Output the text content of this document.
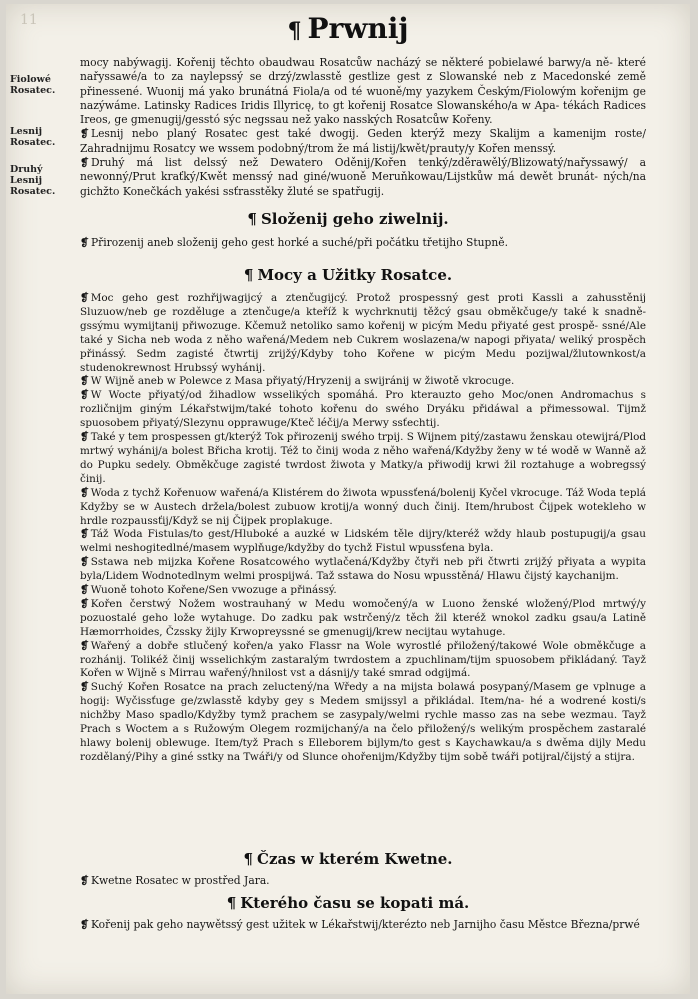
11	¶ Prwnij
Fiolowé Rosatec.
Lesnij Rosatec.
Druhý Lesnij Rosatec.

mocy nabýwagij. Kořenij těchto obaudwau Rosatcůw nacházý se některé pobielawé barwy/a ně- které nařyssawé/a to za naylepssý se drzý/zwlasstě gestlize gest z Slowanské neb z Macedonské země přinessené. Wuonij má yako brunátná Fiola/a od té wuoně/my yazykem Českým/Fiolowým kořenijm ge nazýwáme. Latinsky Radices Iridis Illyricę, to gt kořenij Rosatce Slowanského/a w Apa- tékách Radices Ireos, ge gmenugij/gesstó sýc negssau než yako nasských Rosatcůw Kořeny.

❡ Lesnij nebo planý Rosatec gest také dwogij. Geden kterýž mezy Skalijm a kamenijm roste/ Zahradnijmu Rosatcy we wssem podobný/trom že má listij/kwět/prauty/y Kořen menssý.

❡ Druhý má list delssý než Dewatero Oděnij/Kořen tenký/zděrawělý/Blizowatý/nařyssawý/ a newonný/Prut kraťký/Kwět menssý nad giné/wuoně Meruňkowau/Lijstkůw má dewět brunát- ných/na gichžto Konečkách yakési ssťrasstěky žluté se spatřugij.

¶ Složenij geho ziwelnij.

❡ Přirozenij aneb složenij geho gest horké a suché/při počátku třetijho Stupně.

¶ Mocy a Užitky Rosatce.

❡ Moc geho gest rozhřijwagijcý a ztenčugijcý. Protož prospessný gest proti Kassli a zahusstěnij Sluzuow/neb ge rozděluge a ztenčuge/a kteříž k wychrknutij těžcý gsau obměkčuge/y také k snadně- gssýmu wymijtanij přiwozuge. Kčemuž netoliko samo kořenij w picým Medu přiyaté gest prospě- ssné/Ale také y Sicha neb woda z něho wařená/Medem neb Cukrem woslazena/w napogi přiyata/ weliký prospěch přinássý. Sedm zagisté čtwrtij zrijžý/Kdyby toho Kořene w picým Medu pozijwal/žlutownkost/a studenokrewnost Hrubssý wyhánij.

❡ W Wijně aneb w Polewce z Masa přiyatý/Hryzenij a swijránij w žiwotě vkrocuge.

❡ W Wocte přiyatý/od žihadlow wsselikých spomáhá. Pro kterauzto geho Moc/onen Andromachus s rozličnijm giným Lékařstwijm/také tohoto kořenu do swého Dryáku přidáwal a přimessowal. Tijmž spuosobem přiyatý/Slezynu opprawuge/Kteč léčij/a Merwy ssťechtij.

❡ Také y tem prospessen gt/kterýž Tok přirozenij swého trpij. S Wijnem pitý/zastawu ženskau otewijrá/Plod mrtwý wyhánij/a bolest Břicha krotij. Též to činij woda z něho wařená/Kdyžby ženy w té wodě w Wanně až do Pupku sedely. Obměkčuge zagisté twrdost žiwota y Matky/a přiwodij krwi žil roztahuge a wobregssý činij.

❡ Woda z tychž Kořenuow wařená/a Klistérem do žiwota wpussťená/bolenij Kyčel vkrocuge. Táž Woda teplá Kdyžby se w Austech držela/bolest zubuow krotij/a wonný duch činij. Item/hrubost Čijpek wotekleho w hrdle rozpaussťij/Když se nij Čijpek proplakuge.

❡ Táž Woda Fistulas/to gest/Hluboké a auzké w Lidském těle dijry/kteréž wždy hlaub postupugij/a gsau welmi neshogitedlné/masem wyplňuge/kdyžby do tychž Fistul wpussťena byla.

❡ Sstawa neb mijzka Kořene Rosatcowého wytlačená/Kdyžby čtyři neb při čtwrti zrijžý přiyata a wypita byla/Lidem Wodnotedlnym welmi prospijwá. Taž sstawa do Nosu wpusstěná/ Hlawu čijstý kaychanijm.

❡ Wuoně tohoto Kořene/Sen vwozuge a přinássý.

❡ Kořen čerstwý Nožem wostrauhaný w Medu womočený/a w Luono ženské wložený/Plod mrtwý/y pozuostalé geho lože wytahuge. Do zadku pak wstrčený/z těch žil kteréž wnokol zadku gsau/a Latině Hæmorrhoides, Čzssky žijly Krwopreyssné se gmenugij/krew necijtau wytahuge.

❡ Wařený a dobře stlučený kořen/a yako Flassr na Wole wyrostlé přiložený/takowé Wole obměkčuge a rozhánij. Tolikéž činij wsselichkým zastaralým twrdostem a zpuchlinam/tijm spuosobem přikládaný. Tayž Kořen w Wijně s Mirrau wařený/hnilost vst a dásnij/y také smrad odgijmá.

❡ Suchý Kořen Rosatce na prach zeluctený/na Wředy a na mijsta bolawá posypaný/Masem ge vplnuge a hogij: Wyčissťuge ge/zwlasstě kdyby gey s Medem smijssyl a přikládal. Item/na- hé a wodrené kosti/s nichžby Maso spadlo/Kdyžby tymž prachem se zasypaly/welmi rychle masso zas na sebe wezmau. Tayž Prach s Woctem a s Ružowým Olegem rozmijchaný/a na čelo přiložený/s welikým prospěchem zastaralé hlawy bolenij oblewuge. Item/tyž Prach s Elleborem bijlym/to gest s Kaychawkau/a s dwěma dijly Medu rozdělaný/Pihy a giné sstky na Twáři/y od Slunce ohořenijm/Kdyžby tijm sobě twáři potijral/čijstý a stijra.

¶ Čzas w kterém Kwetne.

❡ Kwetne Rosatec w prostřed Jara.

¶ Kterého času se kopati má.

❡ Kořenij pak geho naywětssý gest užitek w Lékařstwij/kterézto neb Jarnijho času Městce Března/prwé
